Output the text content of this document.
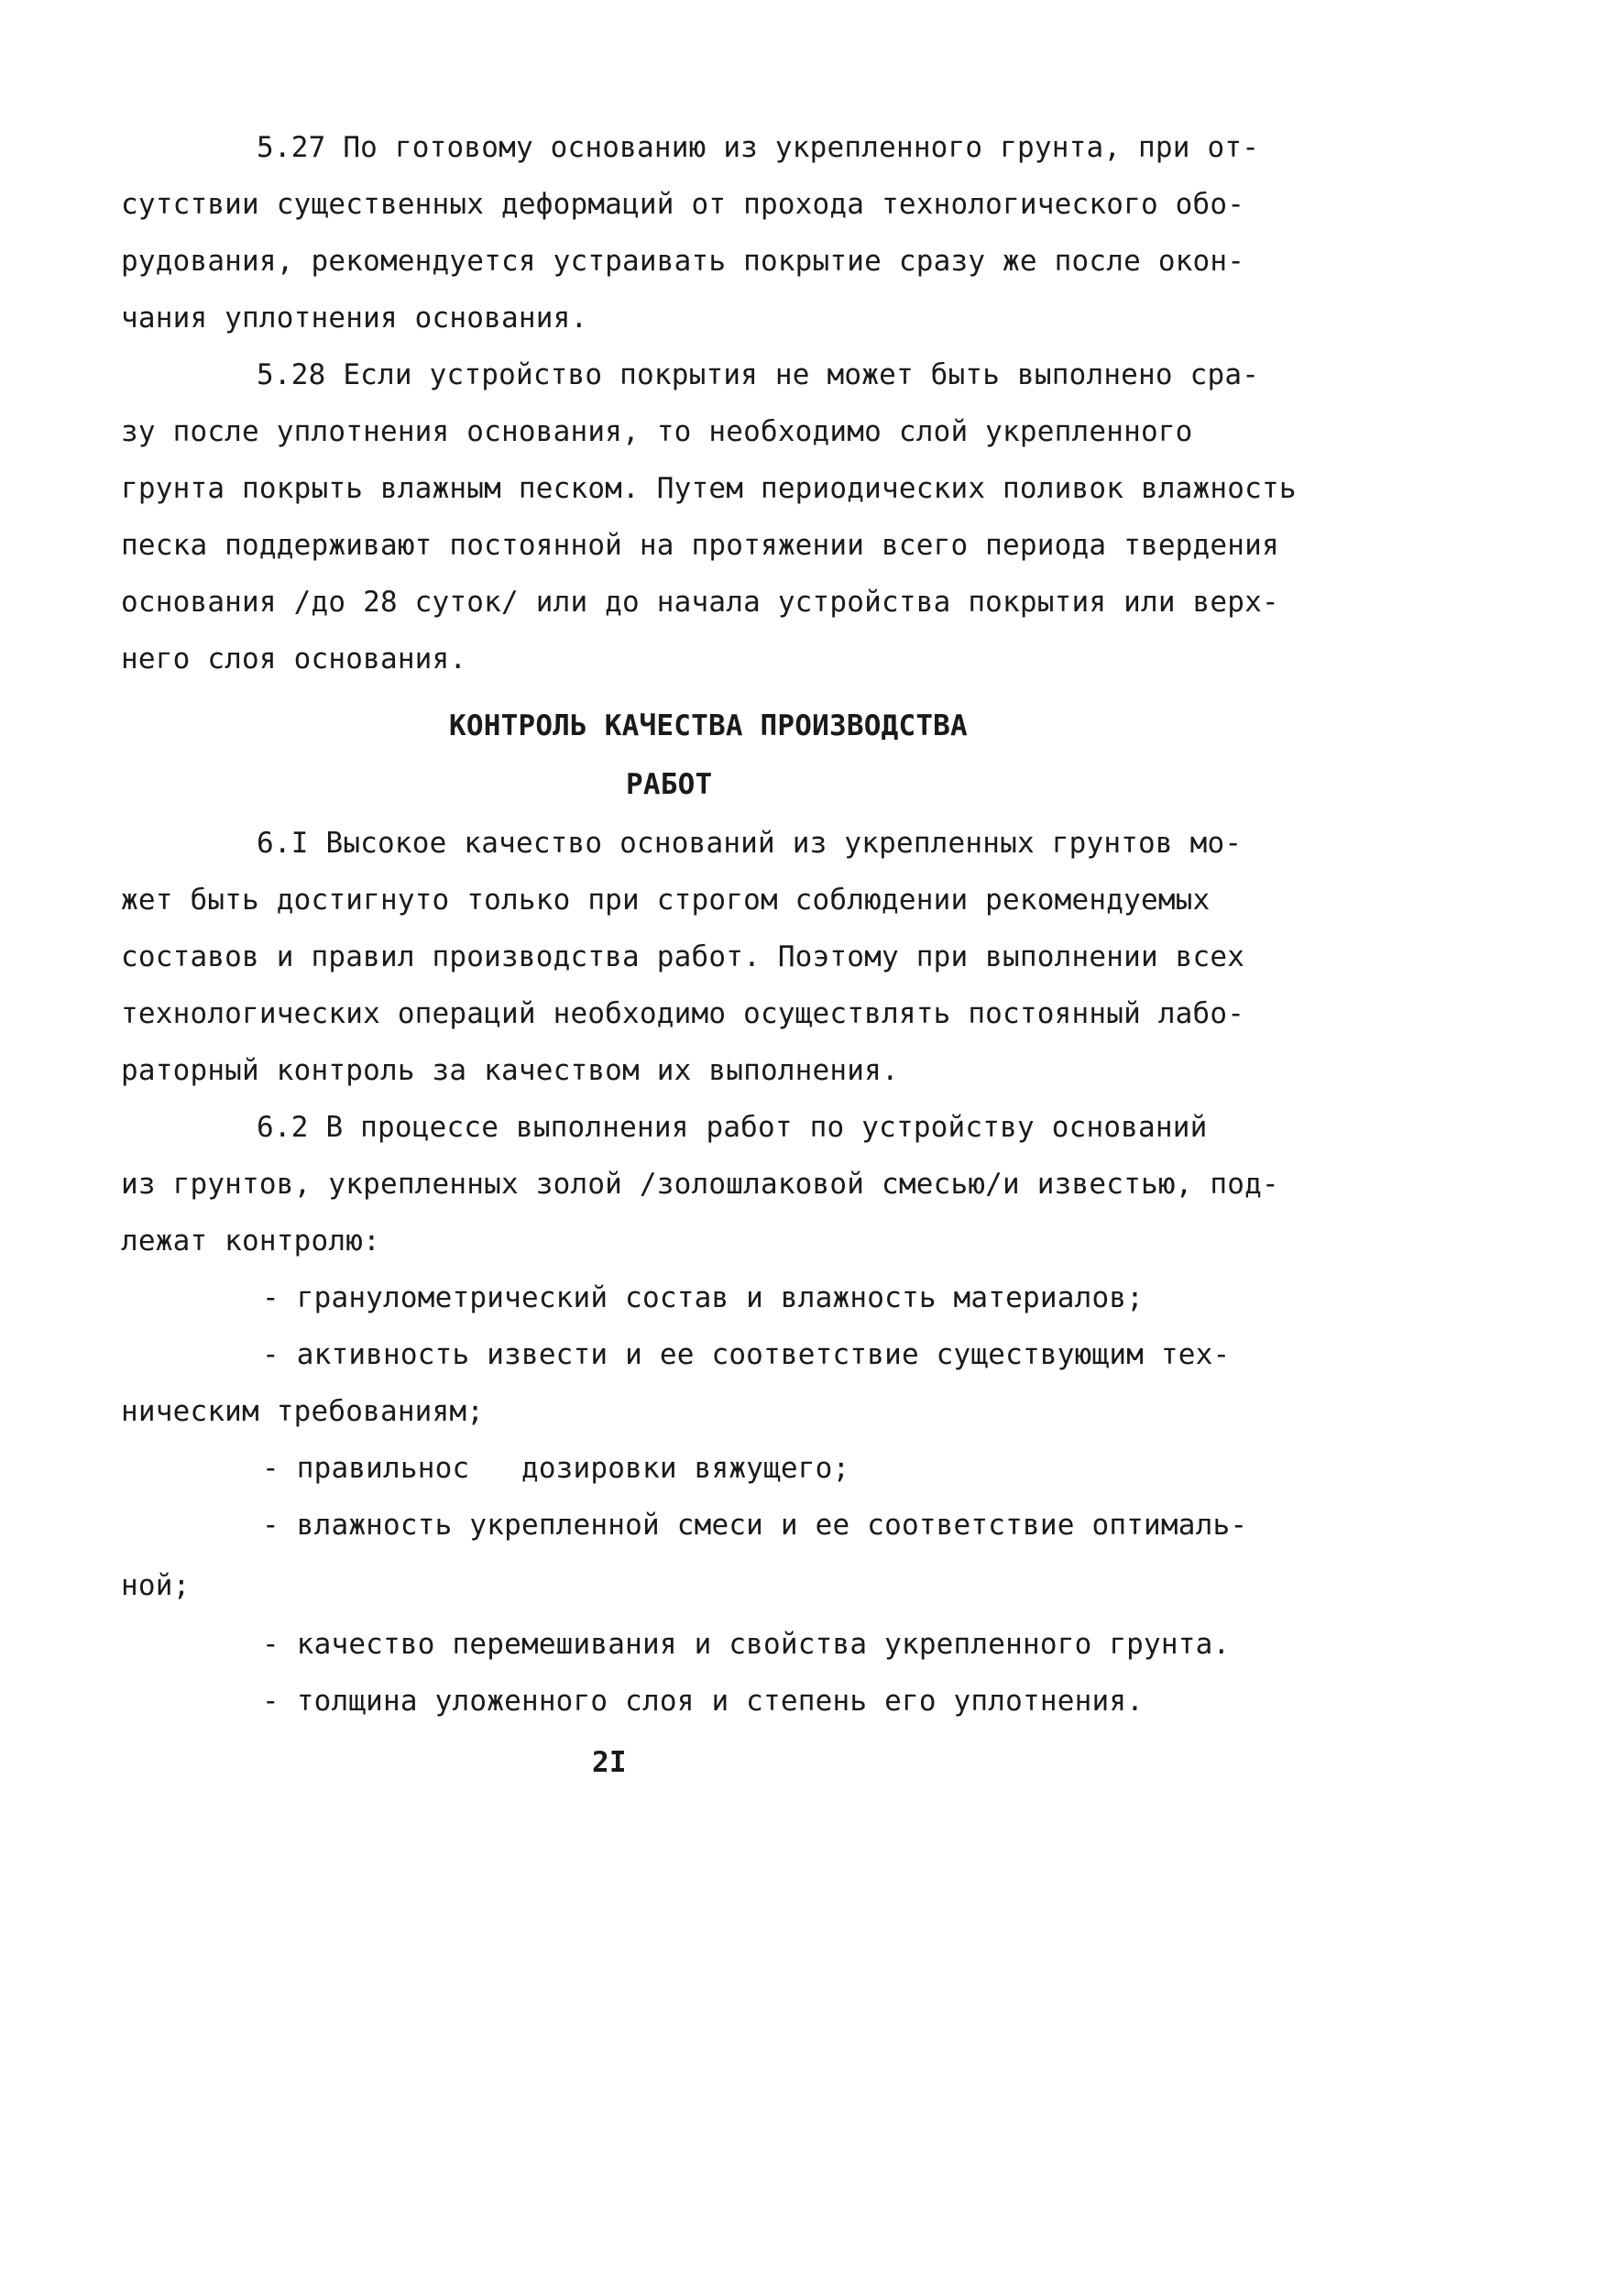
5.27 По готовому основанию из укрепленного грунта, при от-
сутствии существенных деформаций от прохода технологического обо-
рудования, рекомендуется устраивать покрытие сразу же после окон-
чания уплотнения основания.
5.28 Если устройство покрытия не может быть выполнено сра-
зу после уплотнения основания, то необходимо слой укрепленного
грунта покрыть влажным песком. Путем периодических поливок влажность
песка поддерживают постоянной на протяжении всего периода твердения
основания /до 28 суток/ или до начала устройства покрытия или верх-
него слоя основания.
КОНТРОЛЬ КАЧЕСТВА ПРОИЗВОДСТВА
РАБОТ
6.I Высокое качество оснований из укрепленных грунтов мо-
жет быть достигнуто только при строгом соблюдении рекомендуемых
составов и правил производства работ. Поэтому при выполнении всех
технологических операций необходимо осуществлять постоянный лабо-
раторный контроль за качеством их выполнения.
6.2 В процессе выполнения работ по устройству оснований
из грунтов, укрепленных золой /золошлаковой смесью/и известью, под-
лежат контролю:
- гранулометрический состав и влажность материалов;
- активность извести и ее соответствие существующим тех-
ническим требованиям;
- правильнос   дозировки вяжущего;
- влажность укрепленной смеси и ее соответствие оптималь-
ной;
- качество перемешивания и свойства укрепленного грунта.
- толщина уложенного слоя и степень его уплотнения.
2I
